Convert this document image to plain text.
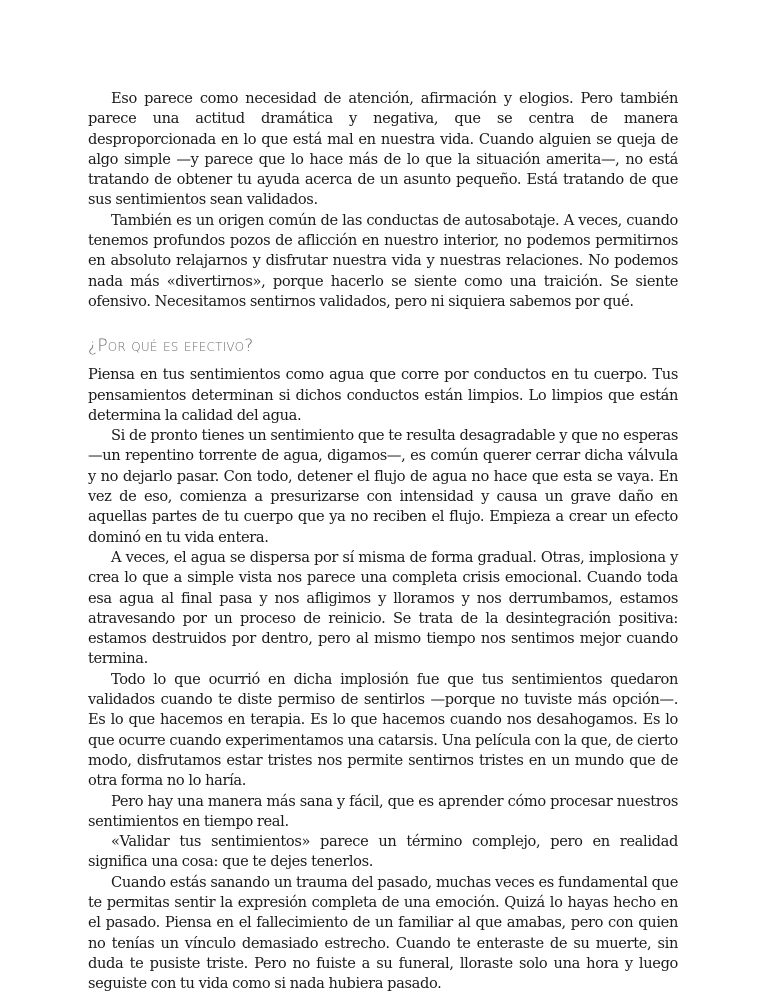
Eso parece como necesidad de atención, afirmación y elogios. Pero también parece una actitud dramática y negativa, que se centra de manera desproporcionada en lo que está mal en nuestra vida. Cuando alguien se queja de algo simple —y parece que lo hace más de lo que la situación amerita—, no está tratando de obtener tu ayuda acerca de un asunto pequeño. Está tratando de que sus sentimientos sean validados.

También es un origen común de las conductas de autosabotaje. A veces, cuando tenemos profundos pozos de aflicción en nuestro interior, no podemos permitirnos en absoluto relajarnos y disfrutar nuestra vida y nuestras relaciones. No podemos nada más «divertirnos», porque hacerlo se siente como una traición. Se siente ofensivo. Necesitamos sentirnos validados, pero ni siquiera sabemos por qué.

¿Por qué es efectivo?

Piensa en tus sentimientos como agua que corre por conductos en tu cuerpo. Tus pensamientos determinan si dichos conductos están limpios. Lo limpios que están determina la calidad del agua.

Si de pronto tienes un sentimiento que te resulta desagradable y que no esperas —un repentino torrente de agua, digamos—, es común querer cerrar dicha válvula y no dejarlo pasar. Con todo, detener el flujo de agua no hace que esta se vaya. En vez de eso, comienza a presurizarse con intensidad y causa un grave daño en aquellas partes de tu cuerpo que ya no reciben el flujo. Empieza a crear un efecto dominó en tu vida entera.

A veces, el agua se dispersa por sí misma de forma gradual. Otras, implosiona y crea lo que a simple vista nos parece una completa crisis emocional. Cuando toda esa agua al final pasa y nos afligimos y lloramos y nos derrumbamos, estamos atravesando por un proceso de reinicio. Se trata de la desintegración positiva: estamos destruidos por dentro, pero al mismo tiempo nos sentimos mejor cuando termina.

Todo lo que ocurrió en dicha implosión fue que tus sentimientos quedaron validados cuando te diste permiso de sentirlos —porque no tuviste más opción—. Es lo que hacemos en terapia. Es lo que hacemos cuando nos desahogamos. Es lo que ocurre cuando experimentamos una catarsis. Una película con la que, de cierto modo, disfrutamos estar tristes nos permite sentirnos tristes en un mundo que de otra forma no lo haría.

Pero hay una manera más sana y fácil, que es aprender cómo procesar nuestros sentimientos en tiempo real.

«Validar tus sentimientos» parece un término complejo, pero en realidad significa una cosa: que te dejes tenerlos.

Cuando estás sanando un trauma del pasado, muchas veces es fundamental que te permitas sentir la expresión completa de una emoción. Quizá lo hayas hecho en el pasado. Piensa en el fallecimiento de un familiar al que amabas, pero con quien no tenías un vínculo demasiado estrecho. Cuando te enteraste de su muerte, sin duda te pusiste triste. Pero no fuiste a su funeral, lloraste solo una hora y luego seguiste con tu vida como si nada hubiera pasado.
